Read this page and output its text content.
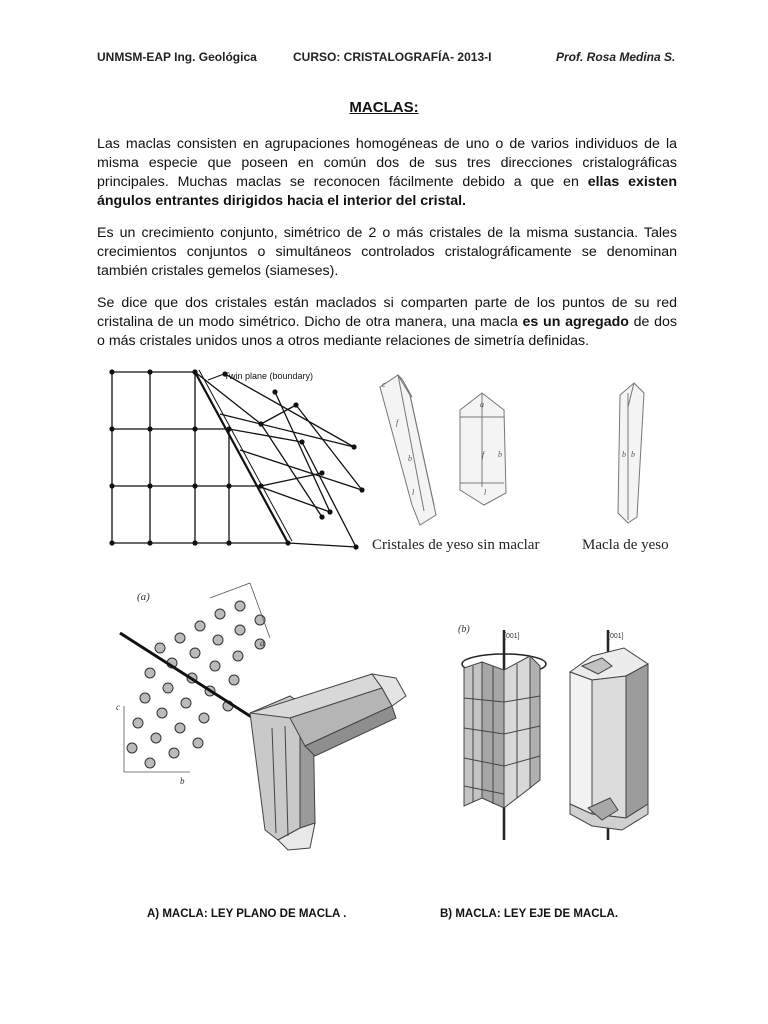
UNMSM-EAP Ing. Geológica	CURSO: CRISTALOGRAFÍA- 2013-I	Prof. Rosa Medina S.
MACLAS:
Las maclas consisten en agrupaciones homogéneas de uno o de varios individuos de la misma especie que poseen en común dos de sus tres direcciones cristalográficas principales. Muchas maclas se reconocen fácilmente debido a que en ellas existen ángulos entrantes dirigidos hacia el interior del cristal.
Es un crecimiento conjunto, simétrico de 2 o más cristales de la misma sustancia. Tales crecimientos conjuntos o simultáneos controlados cristalográficamente se denominan también cristales gemelos (siameses).
Se dice que dos cristales están maclados si comparten parte de los puntos de su red cristalina de un modo simétrico. Dicho de otra manera, una macla es un agregado de dos o más cristales unidos unos a otros mediante relaciones de simetría definidas.
Twin plane (boundary)
c
f
b
l
a
f b
l
b b
Cristales de yeso sin maclar	Macla de yeso
(a)
c
b
a
(b)
[001]	[001]
A) MACLA: LEY PLANO DE MACLA .	B) MACLA: LEY EJE DE MACLA.
